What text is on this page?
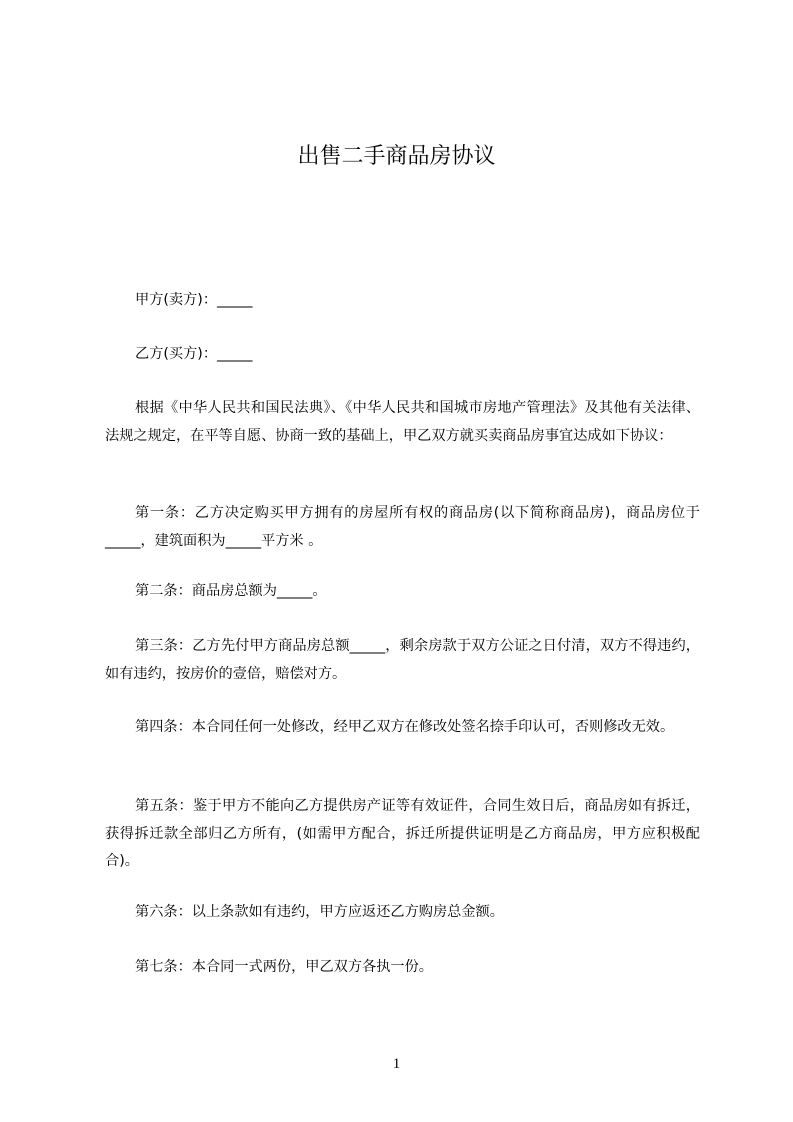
出售二手商品房协议

甲方(卖方)：_____

乙方(买方)：_____

根据《中华人民共和国民法典》、《中华人民共和国城市房地产管理法》及其他有关法律、法规之规定，在平等自愿、协商一致的基础上，甲乙双方就买卖商品房事宜达成如下协议：

第一条：乙方决定购买甲方拥有的房屋所有权的商品房(以下简称商品房)，商品房位于_____，建筑面积为_____平方米 。

第二条：商品房总额为_____。

第三条：乙方先付甲方商品房总额_____，剩余房款于双方公证之日付清，双方不得违约，如有违约，按房价的壹倍，赔偿对方。

第四条：本合同任何一处修改，经甲乙双方在修改处签名捺手印认可，否则修改无效。

第五条：鉴于甲方不能向乙方提供房产证等有效证件，合同生效日后，商品房如有拆迁，获得拆迁款全部归乙方所有，(如需甲方配合，拆迁所提供证明是乙方商品房，甲方应积极配合)。

第六条：以上条款如有违约，甲方应返还乙方购房总金额。

第七条：本合同一式两份，甲乙双方各执一份。

1
